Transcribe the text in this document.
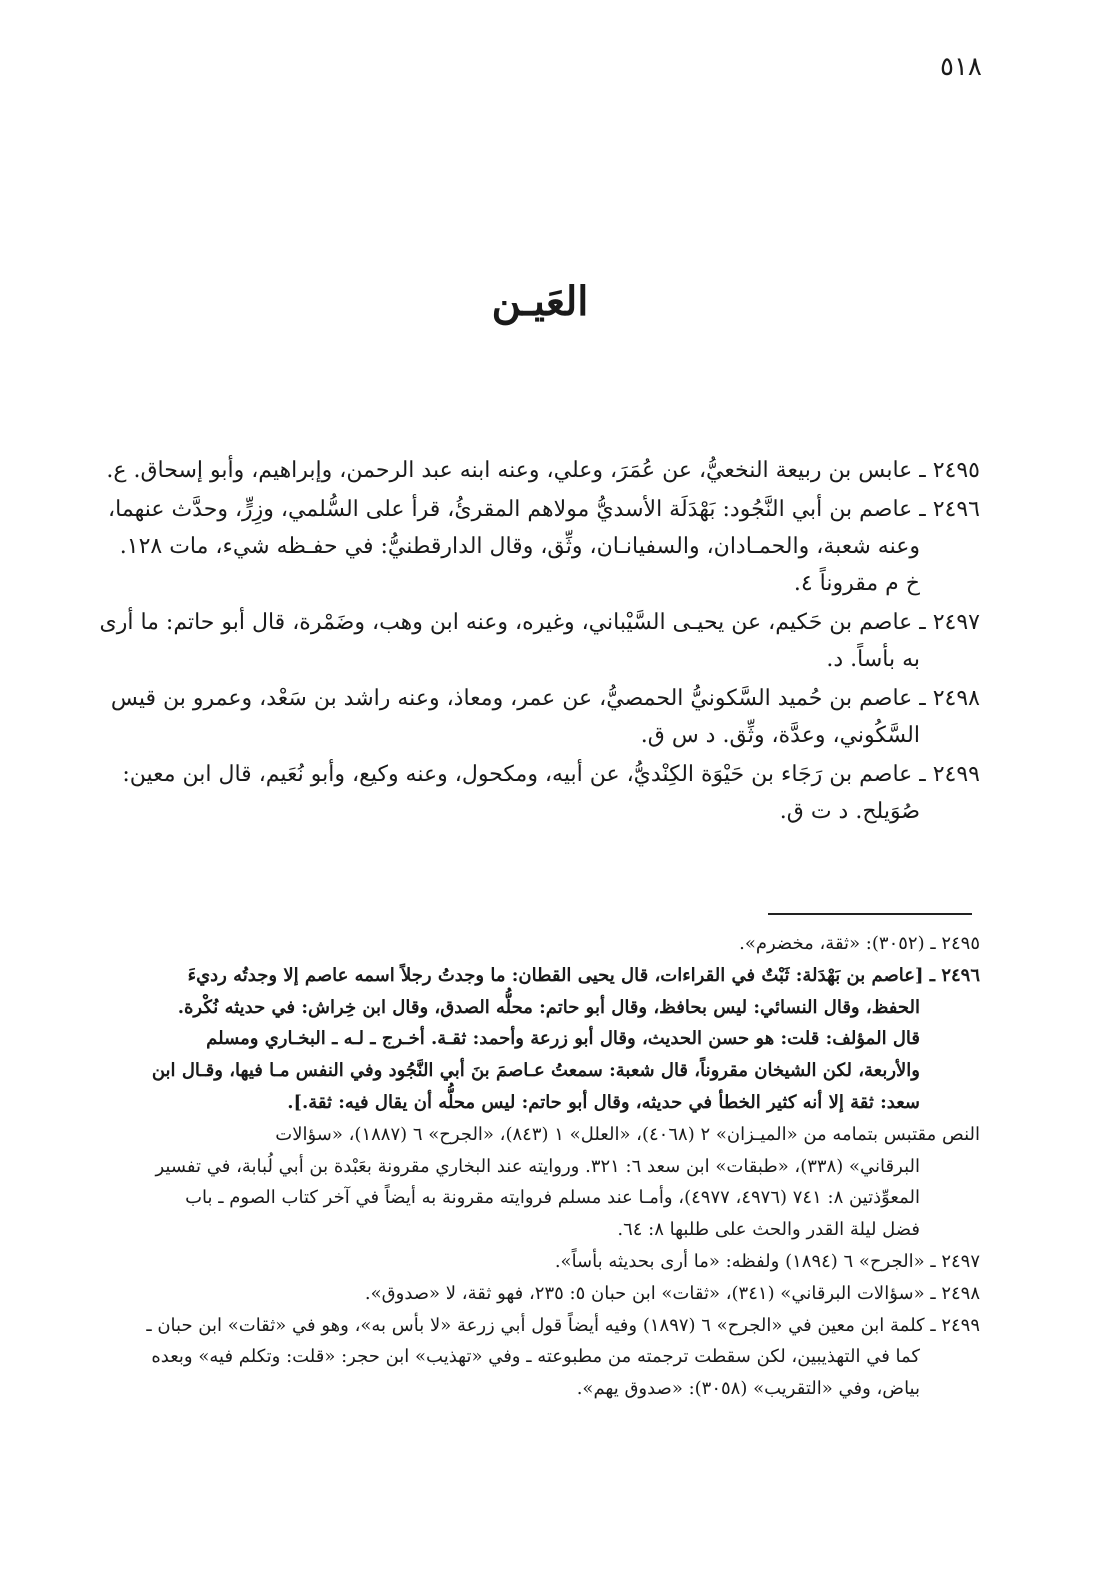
٥١٨
العَيـن

٢٤٩٥ ـ عابس بن ربيعة النخعيُّ، عن عُمَرَ، وعلي، وعنه ابنه عبد الرحمن، وإبراهيم، وأبو إسحاق. ع.

٢٤٩٦ ـ عاصم بن أبي النَّجُود: بَهْدَلَة الأسديُّ مولاهم المقرئُ، قرأ على السُّلمي، وزِرٍّ، وحدَّث عنهما،
وعنه شعبة، والحمـادان، والسفيانـان، وثِّق، وقال الدارقطنيُّ: في حفـظه شيء، مات ١٢٨.
خ م مقروناً ٤.

٢٤٩٧ ـ عاصم بن حَكيم، عن يحيـى السَّيْباني، وغيره، وعنه ابن وهب، وضَمْرة، قال أبو حاتم: ما أرى
به بأساً. د.

٢٤٩٨ ـ عاصم بن حُميد السَّكونيُّ الحمصيُّ، عن عمر، ومعاذ، وعنه راشد بن سَعْد، وعمرو بن قيس
السَّكُوني، وعدَّة، وثِّق. د س ق.

٢٤٩٩ ـ عاصم بن رَجَاء بن حَيْوَة الكِنْديُّ، عن أبيه، ومكحول، وعنه وكيع، وأبو نُعَيم، قال ابن معين:
صُوَيلح. د ت ق.

٢٤٩٥ ـ (٣٠٥٢): «ثقة، مخضرم».

٢٤٩٦ ـ [عاصم بن بَهْدَلة: ثَبْتٌ في القراءات، قال يحيى القطان: ما وجدتُ رجلاً اسمه عاصم إلا وجدتُه رديءَ
الحفظ، وقال النسائي: ليس بحافظ، وقال أبو حاتم: محلُّه الصدق، وقال ابن خِراش: في حديثه نُكْرة.
قال المؤلف: قلت: هو حسن الحديث، وقال أبو زرعة وأحمد: ثقـة. أخـرج ـ لـه ـ البخـاري ومسلم
والأربعة، لكن الشيخان مقروناً، قال شعبة: سمعتُ عـاصمَ بنَ أبي النَّجُود وفي النفس مـا فيها، وقـال ابن
سعد: ثقة إلا أنه كثير الخطأ في حديثه، وقال أبو حاتم: ليس محلُّه أن يقال فيه: ثقة.].

النص مقتبس بتمامه من «الميـزان» ٢ (٤٠٦٨)، «العلل» ١ (٨٤٣)، «الجرح» ٦ (١٨٨٧)، «سؤالات
البرقاني» (٣٣٨)، «طبقات» ابن سعد ٦: ٣٢١. وروايته عند البخاري مقرونة بعَبْدة بن أبي لُبابة، في تفسير
المعوِّذتين ٨: ٧٤١ (٤٩٧٦، ٤٩٧٧)، وأمـا عند مسلم فروايته مقرونة به أيضاً في آخر كتاب الصوم ـ باب
فضل ليلة القدر والحث على طلبها ٨: ٦٤.

٢٤٩٧ ـ «الجرح» ٦ (١٨٩٤) ولفظه: «ما أرى بحديثه بأساً».

٢٤٩٨ ـ «سؤالات البرقاني» (٣٤١)، «ثقات» ابن حبان ٥: ٢٣٥، فهو ثقة، لا «صدوق».

٢٤٩٩ ـ كلمة ابن معين في «الجرح» ٦ (١٨٩٧) وفيه أيضاً قول أبي زرعة «لا بأس به»، وهو في «ثقات» ابن حبان ـ
كما في التهذيبين، لكن سقطت ترجمته من مطبوعته ـ وفي «تهذيب» ابن حجر: «قلت: وتكلم فيه» وبعده
بياض، وفي «التقريب» (٣٠٥٨): «صدوق يهم».
